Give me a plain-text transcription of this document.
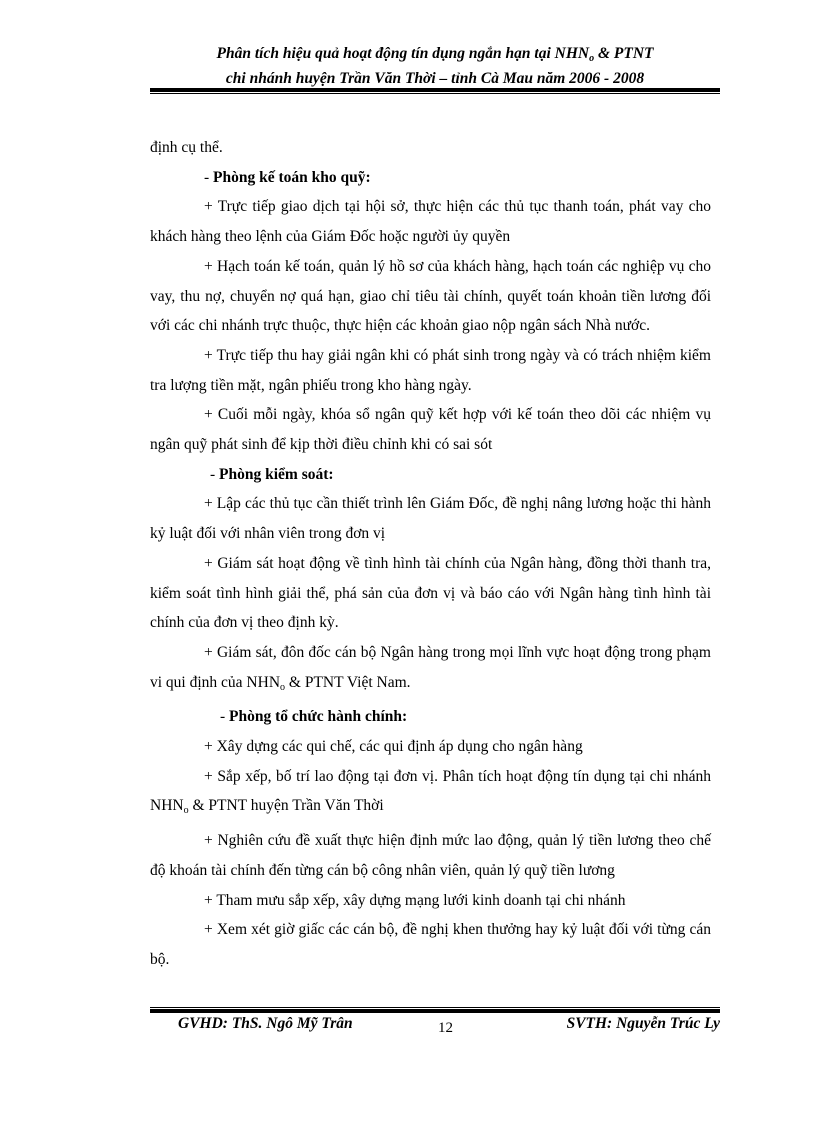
Phân tích hiệu quả hoạt động tín dụng ngắn hạn tại $NHN_o$ & PTNT
chi nhánh huyện Trần Văn Thời – tỉnh Cà Mau năm 2006 - 2008

định cụ thể.

- Phòng kế toán kho quỹ:

+ Trực tiếp giao dịch tại hội sở, thực hiện các thủ tục thanh toán, phát vay cho khách hàng theo lệnh của Giám Đốc hoặc người ủy quyền

+ Hạch toán kế toán, quản lý hồ sơ của khách hàng, hạch toán các nghiệp vụ cho vay, thu nợ, chuyển nợ quá hạn, giao chỉ tiêu tài chính, quyết toán khoản tiền lương đối với các chi nhánh trực thuộc, thực hiện các khoản giao nộp ngân sách Nhà nước.

+ Trực tiếp thu hay giải ngân khi có phát sinh trong ngày và có trách nhiệm kiểm tra lượng tiền mặt, ngân phiếu trong kho hàng ngày.

+ Cuối mỗi ngày, khóa sổ ngân quỹ kết hợp với kế toán theo dõi các nhiệm vụ ngân quỹ phát sinh để kịp thời điều chỉnh khi có sai sót

- Phòng kiểm soát:

+ Lập các thủ tục cần thiết trình lên Giám Đốc, đề nghị nâng lương hoặc thi hành kỷ luật đối với nhân viên trong đơn vị

+ Giám sát hoạt động về tình hình tài chính của Ngân hàng, đồng thời thanh tra, kiểm soát tình hình giải thể, phá sản của đơn vị và báo cáo với Ngân hàng tình hình tài chính của đơn vị theo định kỳ.

+ Giám sát, đôn đốc cán bộ Ngân hàng trong mọi lĩnh vực hoạt động trong phạm vi qui định của $NHN_o$ & PTNT Việt Nam.

- Phòng tổ chức hành chính:

+ Xây dựng các qui chế, các qui định áp dụng cho ngân hàng

+ Sắp xếp, bố trí lao động tại đơn vị. Phân tích hoạt động tín dụng tại chi nhánh $NHN_o$ & PTNT huyện Trần Văn Thời

+ Nghiên cứu đề xuất thực hiện định mức lao động, quản lý tiền lương theo chế độ khoán tài chính đến từng cán bộ công nhân viên, quản lý quỹ tiền lương

+ Tham mưu sắp xếp, xây dựng mạng lưới kinh doanh tại chi nhánh

+ Xem xét giờ giấc các cán bộ, đề nghị khen thưởng hay kỷ luật đối với từng cán bộ.

GVHD: ThS. Ngô Mỹ Trân	12	SVTH: Nguyễn Trúc Ly
